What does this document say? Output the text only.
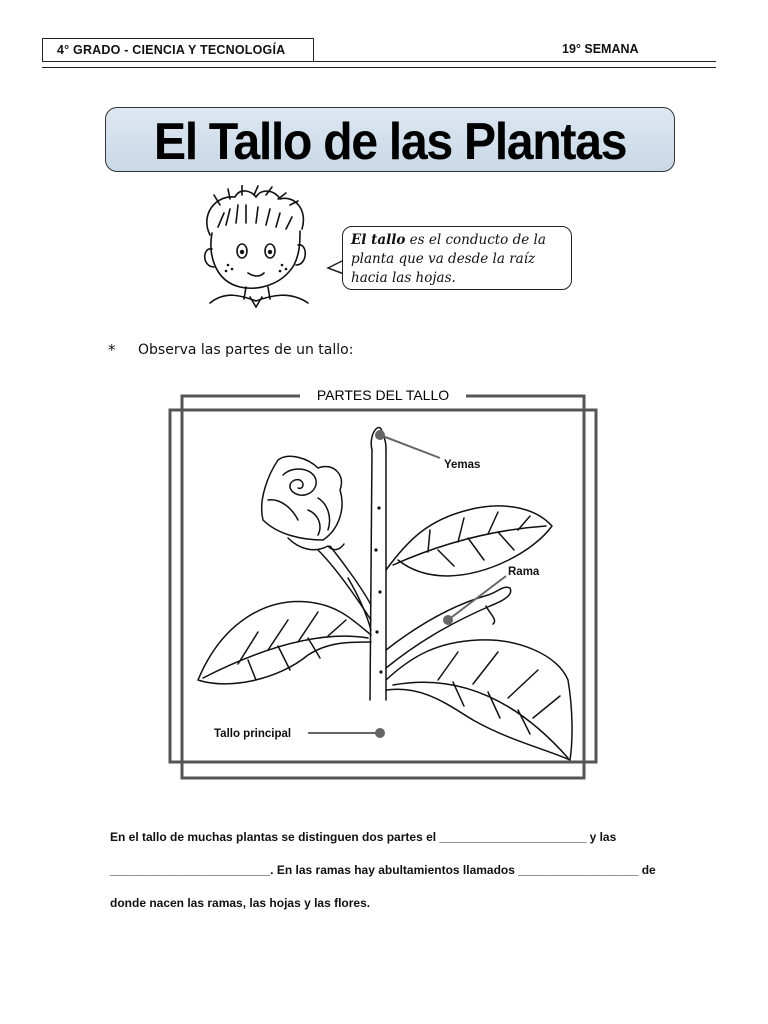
4° GRADO - CIENCIA Y TECNOLOGÍA	19° SEMANA
El Tallo de las Plantas
El tallo es el conducto de la planta que va desde la raíz hacia las hojas.
* Observa las partes de un tallo:
PARTES DEL TALLO
Yemas
Rama
Tallo principal
En el tallo de muchas plantas se distinguen dos partes el ______________________ y las
________________________. En las ramas hay abultamientos llamados __________________ de
donde nacen las ramas, las hojas y las flores.
